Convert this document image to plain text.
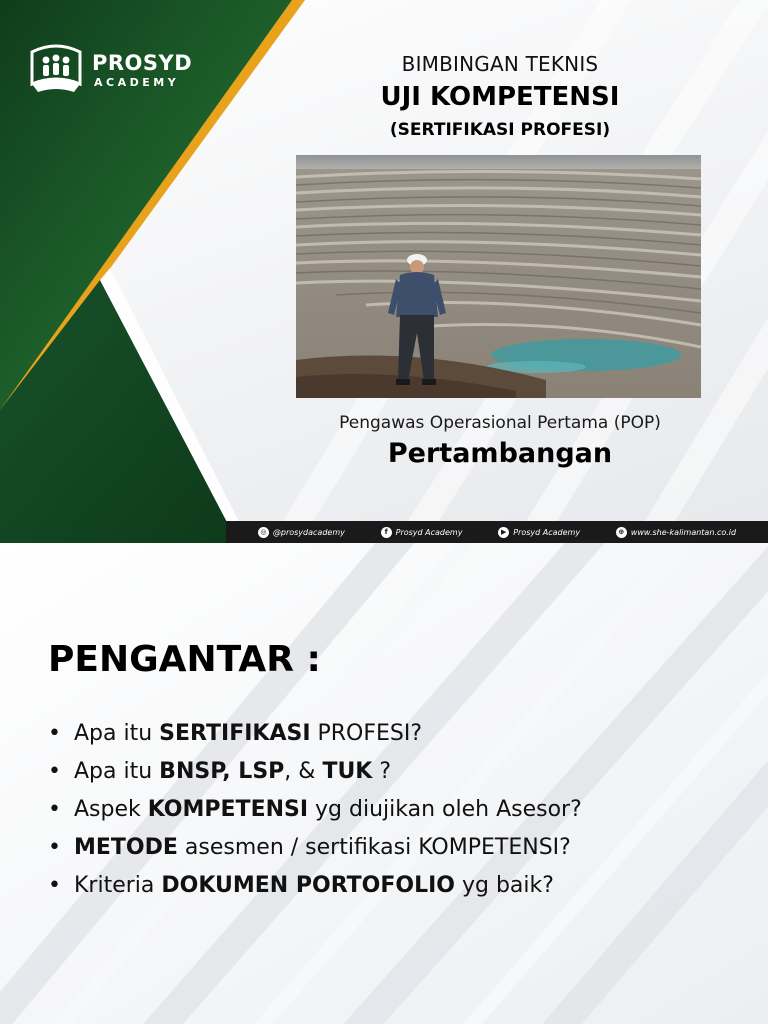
PROSYD
ACADEMY
BIMBINGAN TEKNIS
UJI KOMPETENSI
(SERTIFIKASI PROFESI)
Pengawas Operasional Pertama (POP)
Pertambangan
◎ @prosydacademy	f Prosyd Academy	▶ Prosyd Academy	⊕ www.she-kalimantan.co.id
PENGANTAR :
• Apa itu SERTIFIKASI PROFESI?
• Apa itu BNSP, LSP , & TUK ?
• Aspek KOMPETENSI yg diujikan oleh Asesor?
• METODE asesmen / sertifikasi KOMPETENSI?
• Kriteria DOKUMEN PORTOFOLIO yg baik?
